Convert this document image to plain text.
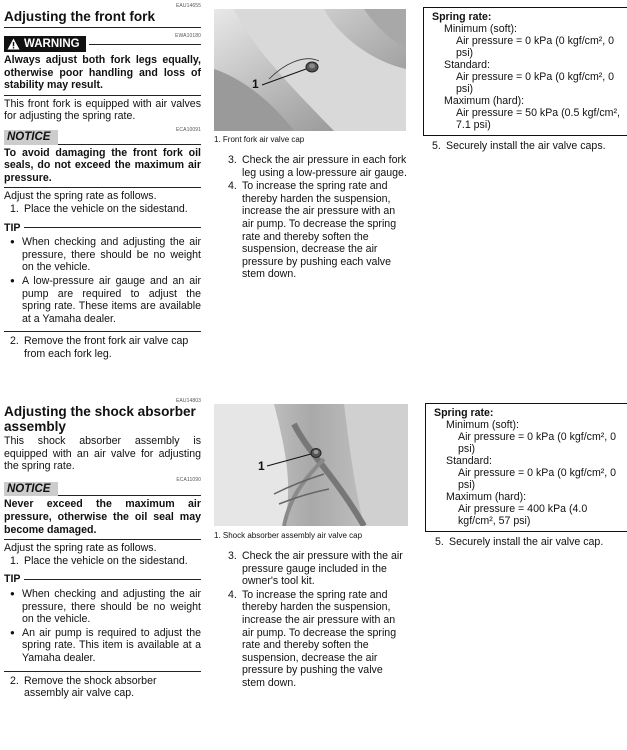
EAU14655
Adjusting the front fork
EWA10180
WARNING
Always adjust both fork legs equally, otherwise poor handling and loss of stability may result.
This front fork is equipped with air valves for adjusting the spring rate.
ECA10091
NOTICE
To avoid damaging the front fork oil seals, do not exceed the maximum air pressure.
Adjust the spring rate as follows.
1. Place the vehicle on the sidestand.
TIP
● When checking and adjusting the air pressure, there should be no weight on the vehicle.
● A low-pressure air gauge and an air pump are required to adjust the spring rate. These items are available at a Yamaha dealer.
2. Remove the front fork air valve cap from each fork leg.
1
1. Front fork air valve cap
3. Check the air pressure in each fork leg using a low-pressure air gauge.
4. To increase the spring rate and thereby harden the suspension, increase the air pressure with an air pump. To decrease the spring rate and thereby soften the suspension, decrease the air pressure by pushing each valve stem down.
Spring rate:
Minimum (soft):
Air pressure = 0 kPa (0 kgf/cm², 0 psi)
Standard:
Air pressure = 0 kPa (0 kgf/cm², 0 psi)
Maximum (hard):
Air pressure = 50 kPa (0.5 kgf/cm², 7.1 psi)
5. Securely install the air valve caps.
EAU14803
Adjusting the shock absorber assembly
This shock absorber assembly is equipped with an air valve for adjusting the spring rate.
ECA11090
NOTICE
Never exceed the maximum air pressure, otherwise the oil seal may become damaged.
Adjust the spring rate as follows.
1. Place the vehicle on the sidestand.
TIP
● When checking and adjusting the air pressure, there should be no weight on the vehicle.
● An air pump is required to adjust the spring rate. This item is available at a Yamaha dealer.
2. Remove the shock absorber assembly air valve cap.
1
1. Shock absorber assembly air valve cap
3. Check the air pressure with the air pressure gauge included in the owner's tool kit.
4. To increase the spring rate and thereby harden the suspension, increase the air pressure with an air pump. To decrease the spring rate and thereby soften the suspension, decrease the air pressure by pushing the valve stem down.
Spring rate:
Minimum (soft):
Air pressure = 0 kPa (0 kgf/cm², 0 psi)
Standard:
Air pressure = 0 kPa (0 kgf/cm², 0 psi)
Maximum (hard):
Air pressure = 400 kPa (4.0 kgf/cm², 57 psi)
5. Securely install the air valve cap.
